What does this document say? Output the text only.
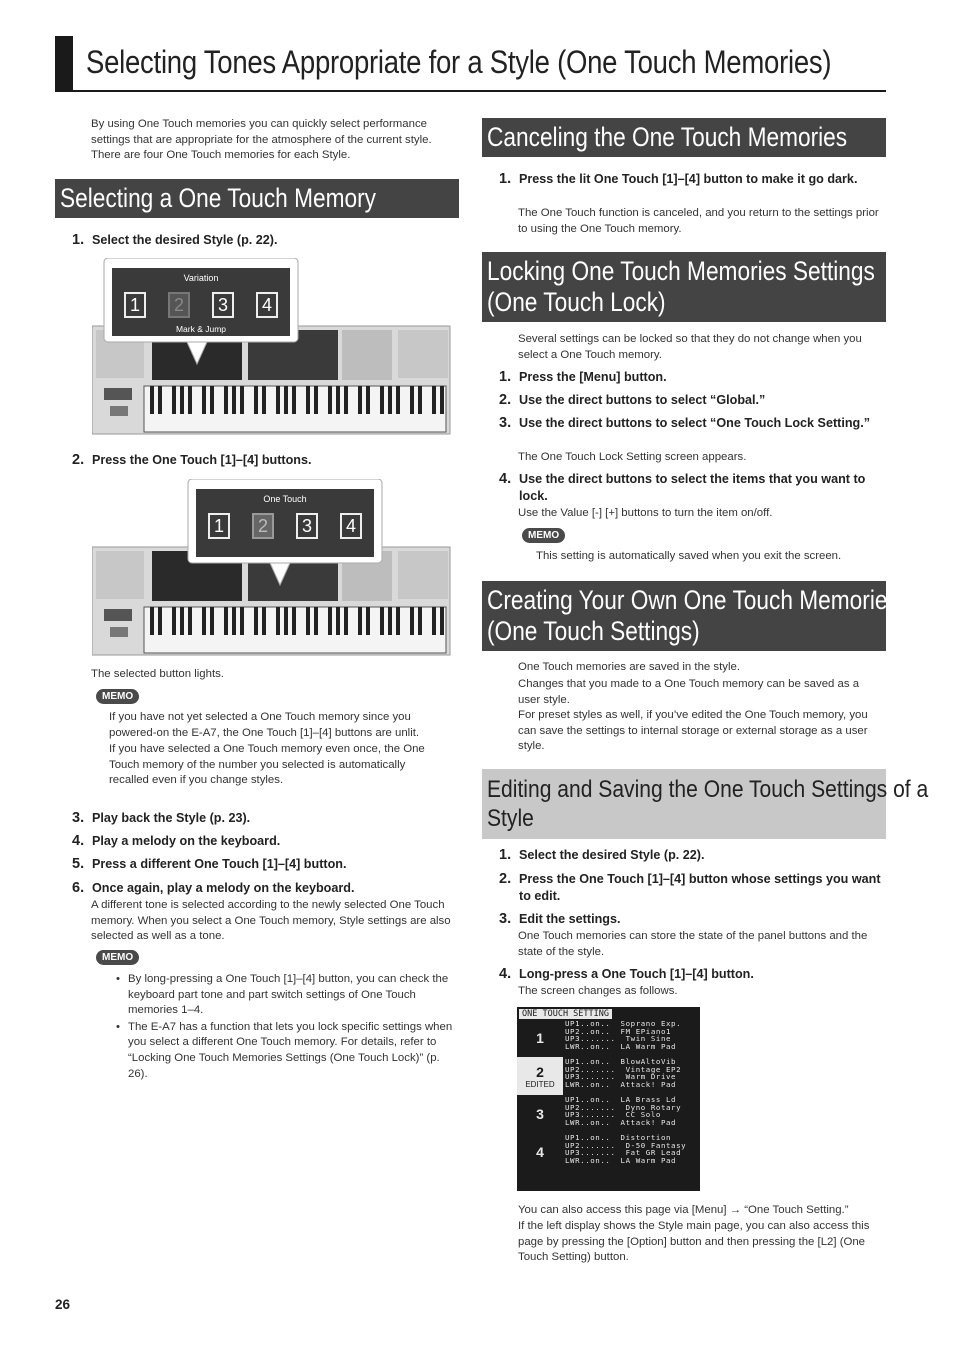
Selecting Tones Appropriate for a Style (One Touch Memories)
By using One Touch memories you can quickly select performance settings that are appropriate for the atmosphere of the current style. There are four One Touch memories for each Style.
Selecting a One Touch Memory
1. Select the desired Style (p. 22).
Variation
1	2	3	4
Mark & Jump
2. Press the One Touch [1]–[4] buttons.
One Touch
1	2	3	4
The selected button lights.
MEMO
If you have not yet selected a One Touch memory since you powered-on the E-A7, the One Touch [1]–[4] buttons are unlit.
If you have selected a One Touch memory even once, the One Touch memory of the number you selected is automatically recalled even if you change styles.
3. Play back the Style (p. 23).
4. Play a melody on the keyboard.
5. Press a different One Touch [1]–[4] button.
6. Once again, play a melody on the keyboard.
A different tone is selected according to the newly selected One Touch memory. When you select a One Touch memory, Style settings are also selected as well as a tone.
MEMO
• By long-pressing a One Touch [1]–[4] button, you can check the keyboard part tone and part switch settings of One Touch memories 1–4.
• The E-A7 has a function that lets you lock specific settings when you select a different One Touch memory. For details, refer to “Locking One Touch Memories Settings (One Touch Lock)” (p. 26).
26
Canceling the One Touch Memories
1. Press the lit One Touch [1]–[4] button to make it go dark.
The One Touch function is canceled, and you return to the settings prior to using the One Touch memory.
Locking One Touch Memories Settings
(One Touch Lock)
Several settings can be locked so that they do not change when you select a One Touch memory.
1. Press the [Menu] button.
2. Use the direct buttons to select “Global.”
3. Use the direct buttons to select “One Touch Lock Setting.”
The One Touch Lock Setting screen appears.
4. Use the direct buttons to select the items that you want to lock.
Use the Value [-] [+] buttons to turn the item on/off.
MEMO
This setting is automatically saved when you exit the screen.
Creating Your Own One Touch Memories
(One Touch Settings)
One Touch memories are saved in the style.
Changes that you made to a One Touch memory can be saved as a user style.
For preset styles as well, if you’ve edited the One Touch memory, you can save the settings to internal storage or external storage as a user style.
Editing and Saving the One Touch Settings of a
Style
1. Select the desired Style (p. 22).
2. Press the One Touch [1]–[4] button whose settings you want to edit.
3. Edit the settings.
One Touch memories can store the state of the panel buttons and the state of the style.
4. Long-press a One Touch [1]–[4] button.
The screen changes as follows.
ONE TOUCH SETTING
1
UP1..on..  Soprano Exp.
UP2..on..  FM EPiano1
UP3.......  Twin Sine
LWR..on..  LA Warm Pad
2
EDITED
UP1..on..  BlowAltoVib
UP2.......  Vintage EP2
UP3.......  Warm Drive
LWR..on..  Attack! Pad
3
UP1..on..  LA Brass Ld
UP2.......  Dyno Rotary
UP3.......  CC Solo
LWR..on..  Attack! Pad
4
UP1..on..  Distortion
UP2.......  D-50 Fantasy
UP3.......  Fat GR Lead
LWR..on..  LA Warm Pad
You can also access this page via [Menu] → “One Touch Setting.”
If the left display shows the Style main page, you can also access this page by pressing the [Option] button and then pressing the [L2] (One Touch Setting) button.
